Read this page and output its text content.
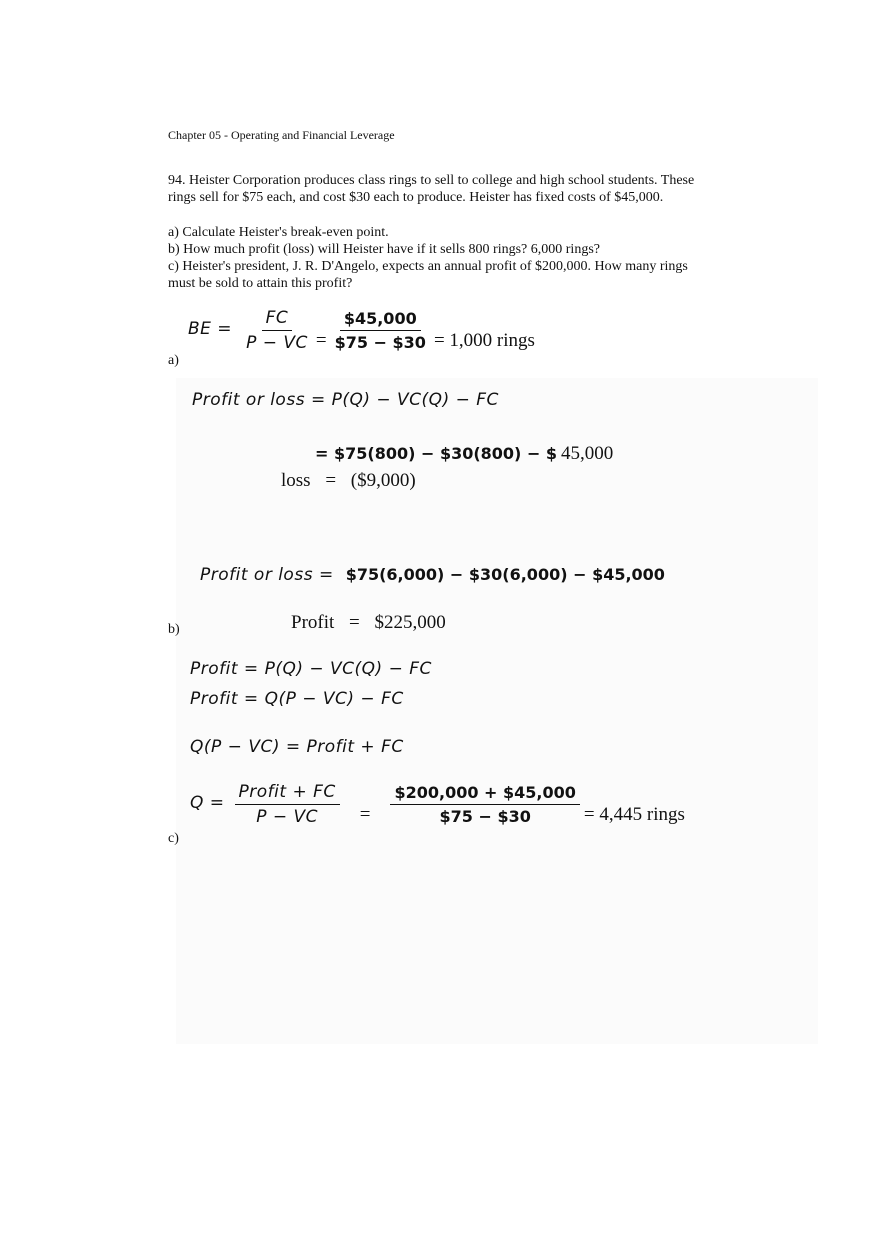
Chapter 05 - Operating and Financial Leverage
94. Heister Corporation produces class rings to sell to college and high school students. These
rings sell for $75 each, and cost $30 each to produce. Heister has fixed costs of $45,000.
a) Calculate Heister's break-even point.
b) How much profit (loss) will Heister have if it sells 800 rings? 6,000 rings?
c) Heister's president, J. R. D'Angelo, expects an annual profit of $200,000. How many rings
must be sold to attain this profit?
BE = $\frac{FC}{P - VC} = \frac{\$45,000}{\$75 - \$30} = 1,000$ rings
a)
Profit or loss = P(Q) − VC(Q) − FC
= $75(800) − $30(800) − $ 45,000
loss = ($9,000)
Profit or loss = $75(6,000) − $30(6,000) − $45,000
Profit = $225,000
b)
Profit = P(Q) − VC(Q) − FC
Profit = Q(P − VC) − FC
Q(P − VC) = Profit + FC
$Q = \frac{\text{Profit + FC}}{P - VC} = \frac{\$200,000 + \$45,000}{\$75 - \$30} = 4,445$ rings
c)
